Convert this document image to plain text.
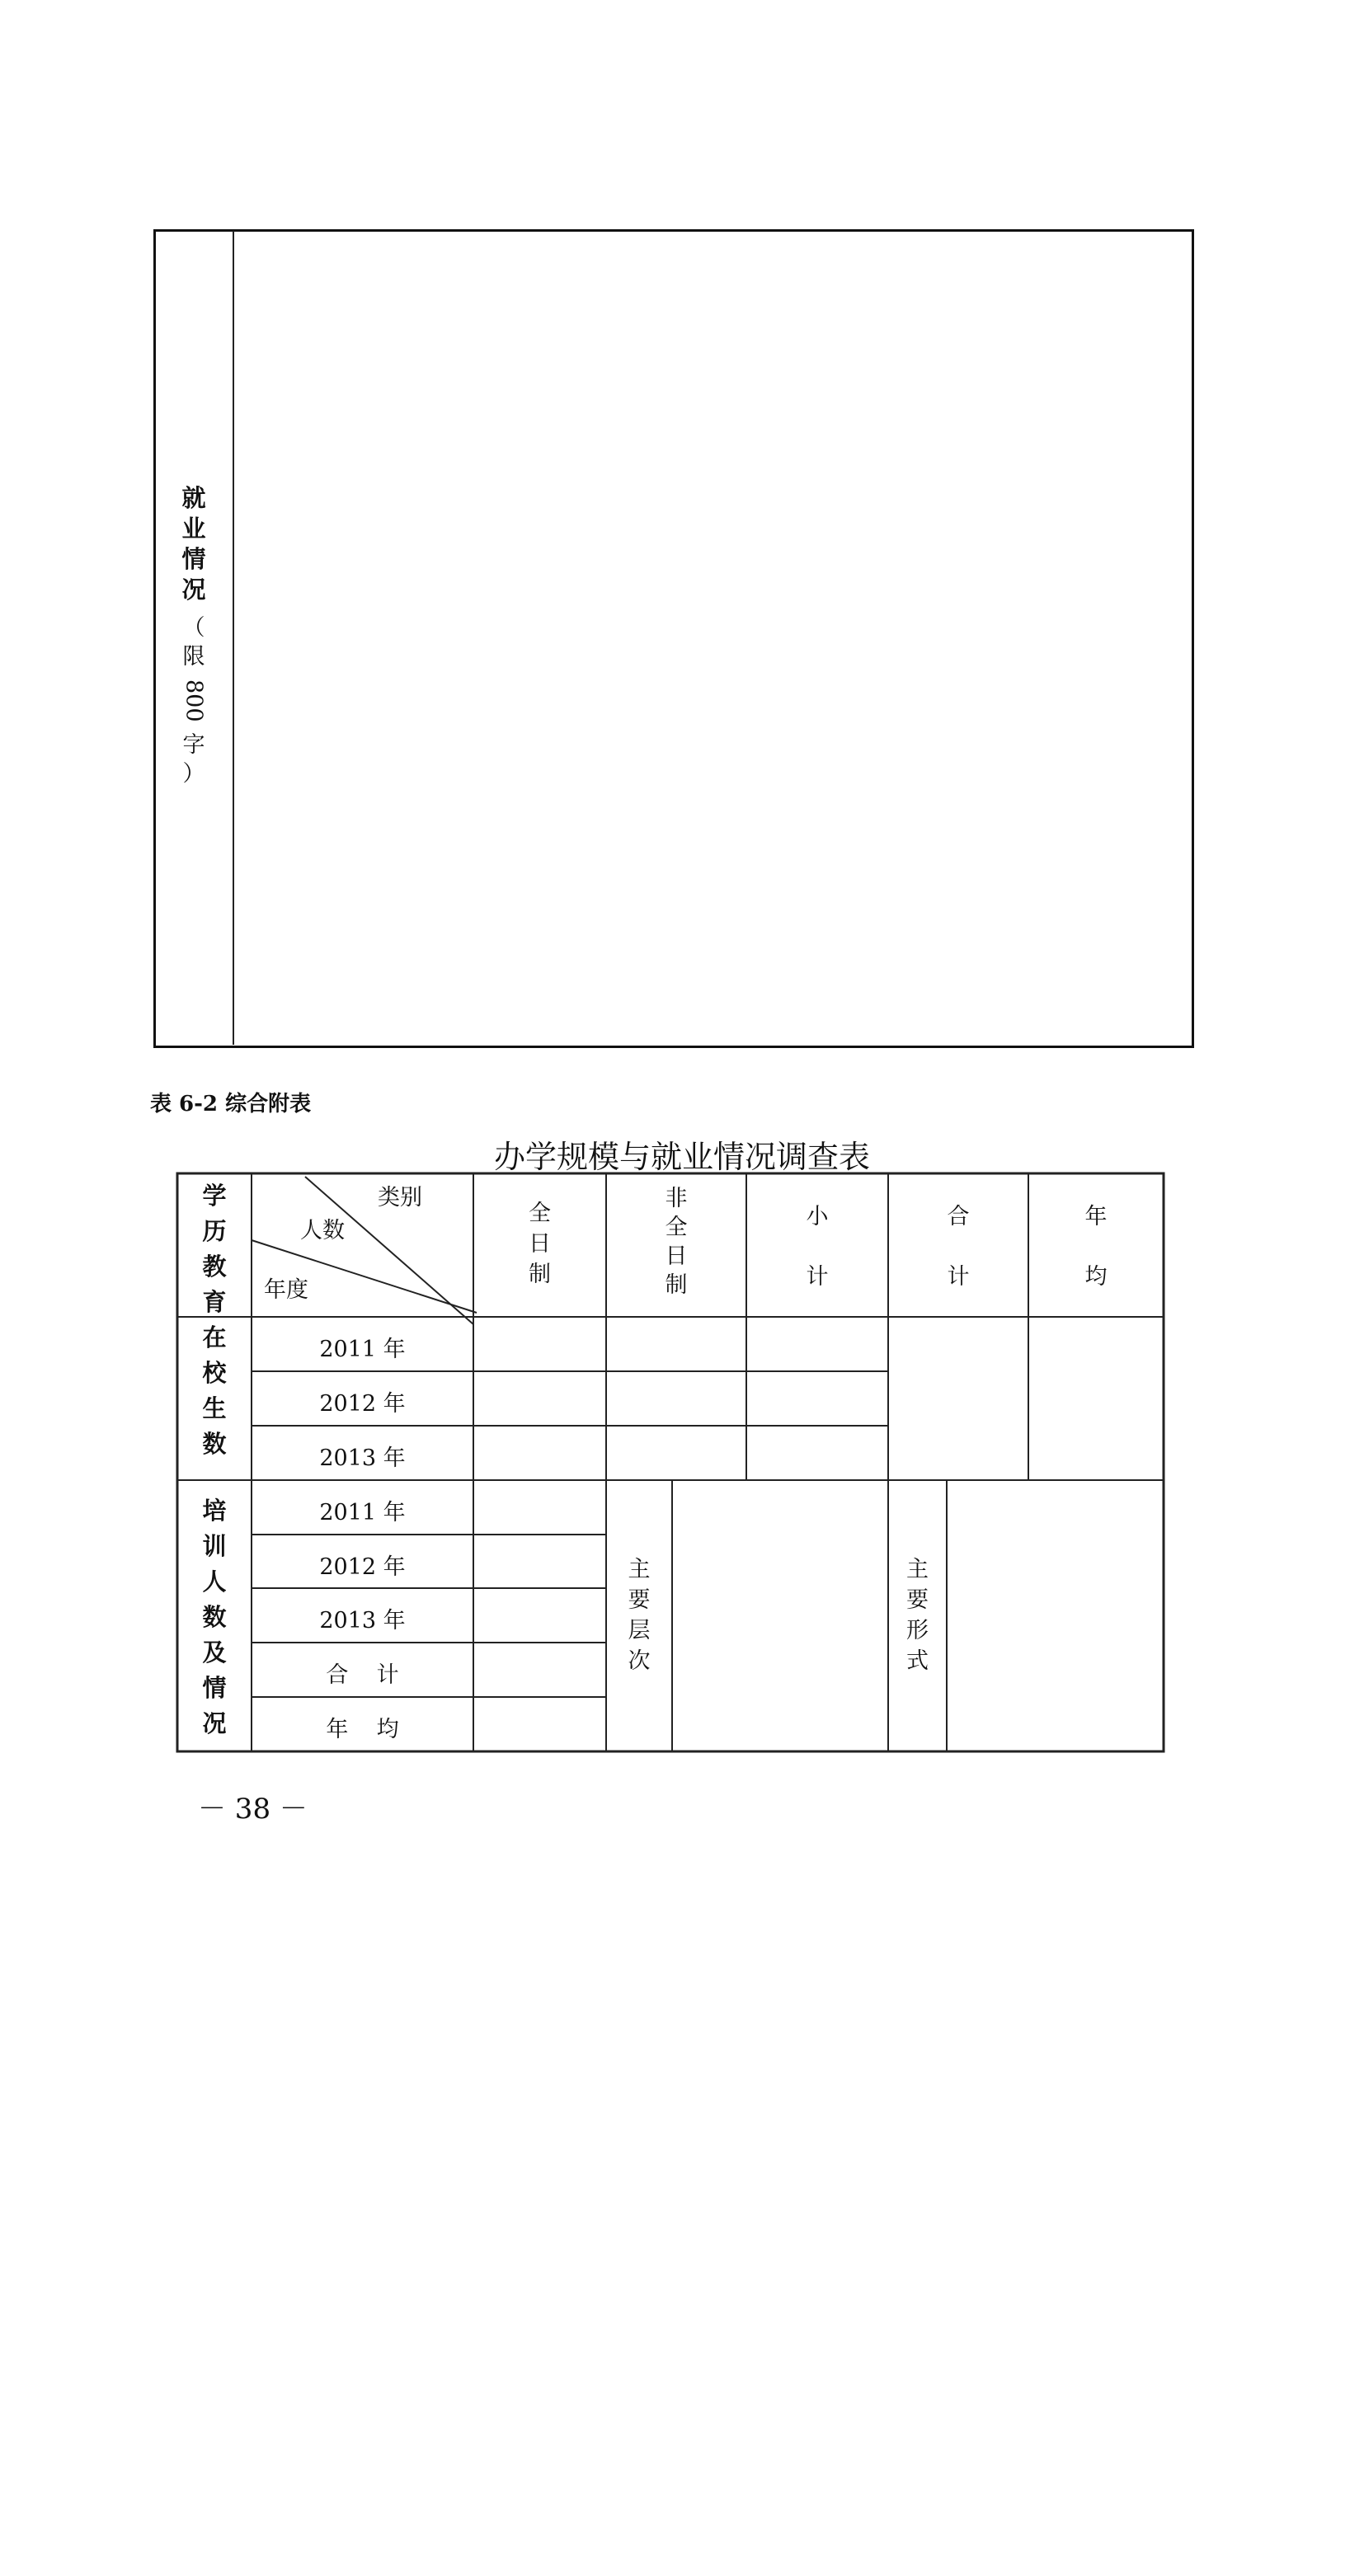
就
业
情
况
（
限
800
字
）
表 6-2 综合附表
办学规模与就业情况调查表
学
历
教
育
在
校
生
数
培
训
人
数
及
情
况
类别
人数
年度
全
日
制
非
全
日
制
小
计
合
计
年
均
2011 年
2012 年
2013 年
2011 年
2012 年
2013 年
合    计
年    均
主
要
层
次
主
要
形
式
－ 38 －
